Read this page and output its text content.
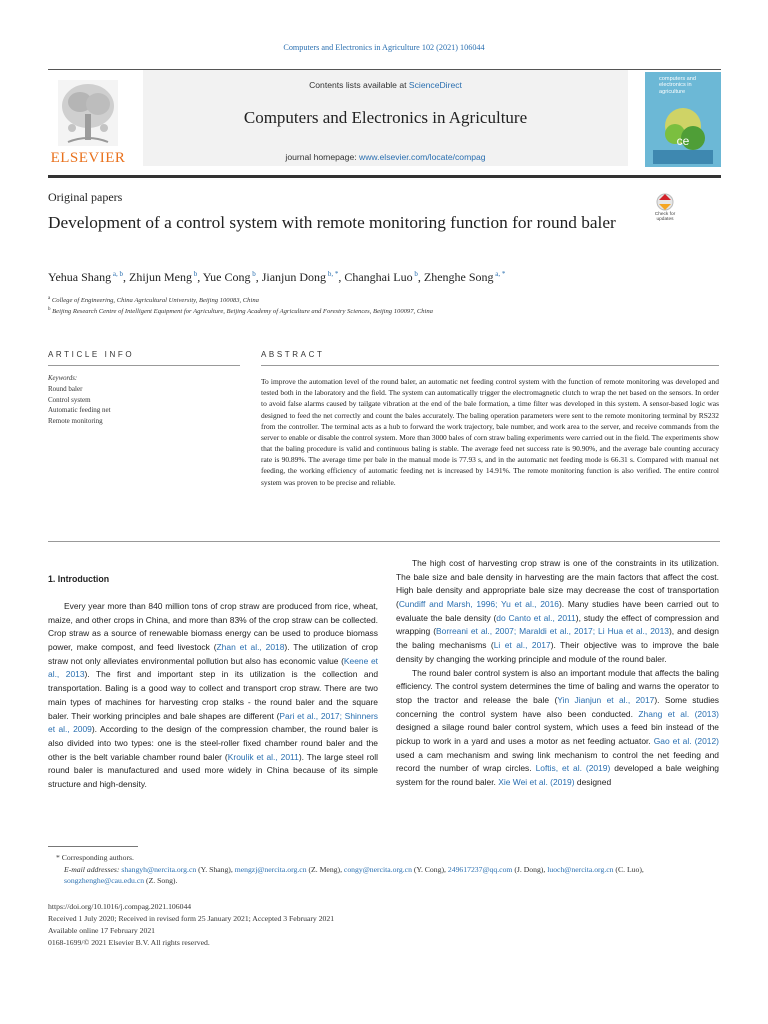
Computers and Electronics in Agriculture 102 (2021) 106044
Contents lists available at ScienceDirect
Computers and Electronics in Agriculture
journal homepage: www.elsevier.com/locate/compag
ELSEVIER
computers and electronics in agriculture
ce
Check for updates
Original papers
Development of a control system with remote monitoring function for round baler
Yehua Shang $^{a, b}$, Zhijun Meng $^b$, Yue Cong $^b$, Jianjun Dong $^{b, *}$, Changhai Luo $^b$, Zhenghe Song $^{a, *}$
$^a$ College of Engineering, China Agricultural University, Beijing 100083, China
$^b$ Beijing Research Centre of Intelligent Equipment for Agriculture, Beijing Academy of Agriculture and Forestry Sciences, Beijing 100097, China
ARTICLE INFO
Keywords:
Round baler
Control system
Automatic feeding net
Remote monitoring
ABSTRACT
To improve the automation level of the round baler, an automatic net feeding control system with the function of remote monitoring was developed and tested both in the laboratory and the field. The system can automatically trigger the electromagnetic clutch to wrap the net based on the sensors. In order to avoid false alarms caused by tailgate vibration at the end of the bale formation, a time filter was developed in this system. A sensor-based logic was designed to feed the net correctly and count the bales accurately. The baling operation parameters were sent to the remote monitoring terminal by RS232 from the controller. The terminal acts as a hub to forward the work trajectory, bale number, and work area to the server, and receive commands from the server to enable or disable the control system. More than 3000 bales of corn straw baling experiments were carried out in the field. The experiments show that the baling procedure is valid and continuous baling is stable. The average feed net success rate is 90.90%, and the average bale counting accuracy rate is 90.89%. The average time per bale in the manual mode is 77.93 s, and in the automatic net feeding mode is 66.31 s. Compared with manual net feeding, the working efficiency of automatic feeding net is increased by 14.91%. The remote monitoring function is also verified. The entire control system was proven to be precise and reliable.
1. Introduction

Every year more than 840 million tons of crop straw are produced from rice, wheat, maize, and other crops in China, and more than 83% of the crop straw can be collected. Crop straw as a source of renewable biomass energy can be used to produce biomass power, make compost, and feed livestock (Zhan et al., 2018). The utilization of crop straw not only alleviates environmental pollution but also has economic value (Keene et al., 2013). The first and important step in its utilization is the collection and transportation. Baling is a good way to collect and transport crop straw. There are two main types of machines for harvesting crop stalks - the round baler and the square baler. Their working principles and bale shapes are different (Pari et al., 2017; Shinners et al., 2009). According to the design of the compression chamber, the round baler is also divided into two types: one is the steel-roller fixed chamber round baler and the other is the belt variable chamber round baler (Kroulik et al., 2011). The large steel roll round baler is manufactured and used more widely in China because of its simple structure and high-density.

The high cost of harvesting crop straw is one of the constraints in its utilization. The bale size and bale density in harvesting are the main factors that affect the cost. High bale density and appropriate bale size may decrease the cost of transportation (Cundiff and Marsh, 1996; Yu et al., 2016). Many studies have been carried out to evaluate the bale density (do Canto et al., 2011), study the effect of compression and wrapping (Borreani et al., 2007; Maraldi et al., 2017; Li Hua et al., 2013), and design the baling mechanisms (Li et al., 2017). Their objective was to improve the bale density by changing the working principle and module of the round baler.

The round baler control system is also an important module that affects the baling efficiency. The control system determines the time of baling and warns the operator to stop the tractor and release the bale (Yin Jianjun et al., 2017). Some studies concerning the control system have also been conducted. Zhang et al. (2013) designed a silage round baler control system, which uses a feed bin instead of the pickup to work in a yard and uses a motor as net feeding actuator. Gao et al. (2012) used a cam mechanism and swing link mechanism to control the net feeding and record the number of wrap circles. Loftis, et al. (2019) developed a bale weighing system for the round baler. Xie Wei et al. (2019) designed

* Corresponding authors.
E-mail addresses: shangyh@nercita.org.cn (Y. Shang), mengzj@nercita.org.cn (Z. Meng), congy@nercita.org.cn (Y. Cong), 249617237@qq.com (J. Dong), luoch@nercita.org.cn (C. Luo), songzhenghe@cau.edu.cn (Z. Song).
https://doi.org/10.1016/j.compag.2021.106044
Received 1 July 2020; Received in revised form 25 January 2021; Accepted 3 February 2021
Available online 17 February 2021
0168-1699/© 2021 Elsevier B.V. All rights reserved.
